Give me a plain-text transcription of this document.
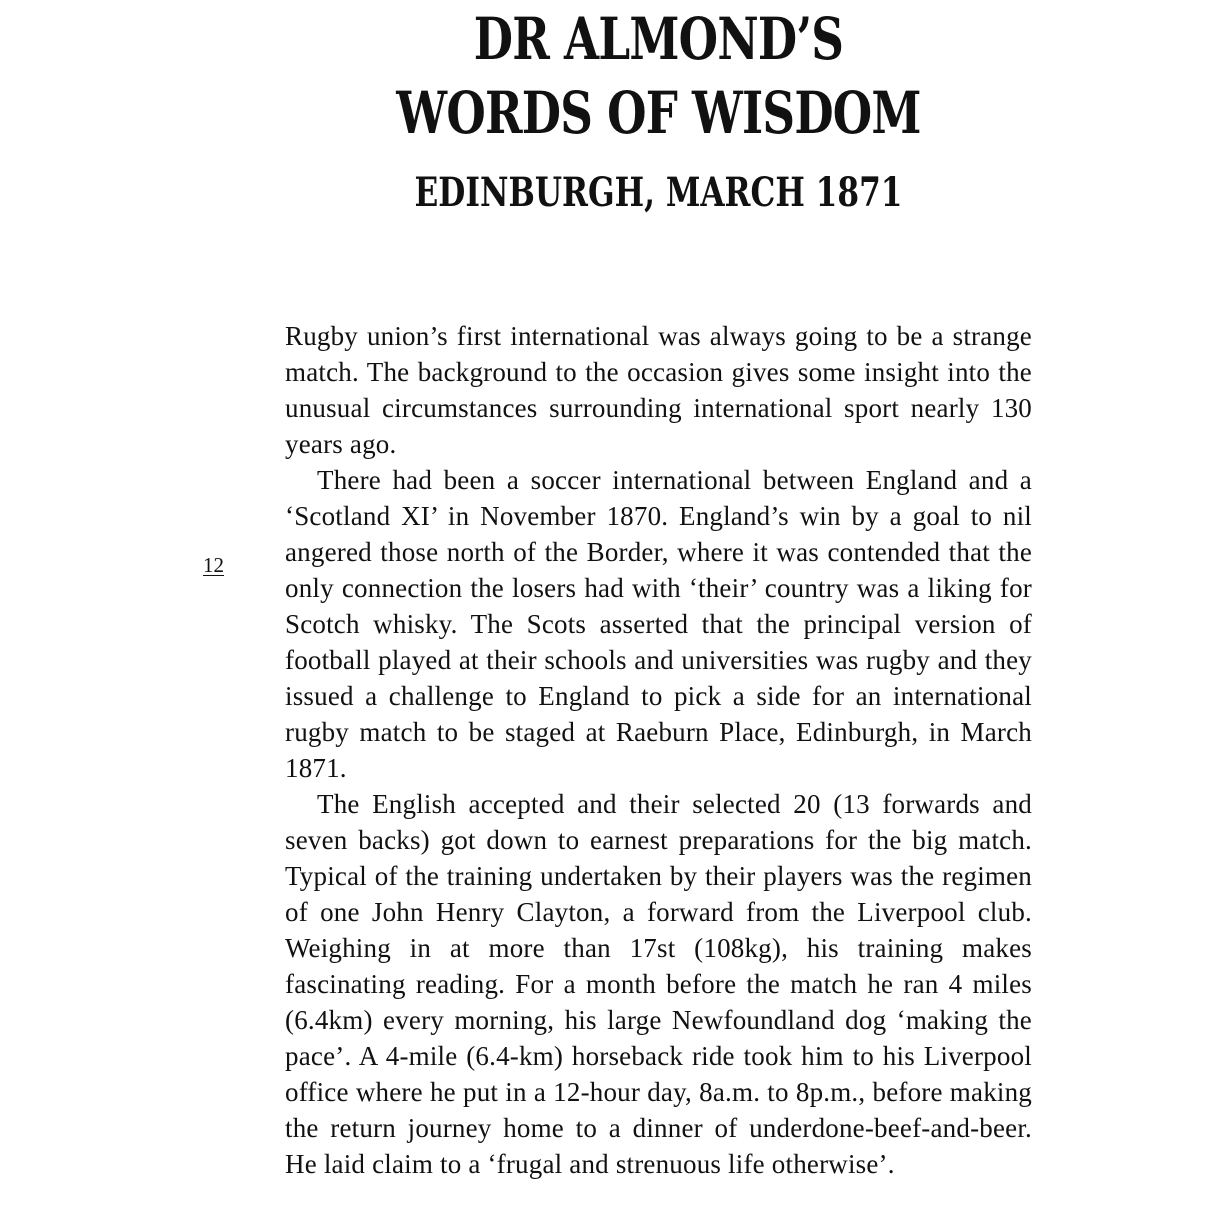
DR ALMOND’S
WORDS OF WISDOM
EDINBURGH, MARCH 1871
12

Rugby union’s first international was always going to be a strange match. The background to the occasion gives some insight into the unusual circumstances surrounding international sport nearly 130 years ago.

There had been a soccer international between England and a ‘Scotland XI’ in November 1870. England’s win by a goal to nil angered those north of the Border, where it was contended that the only connection the losers had with ‘their’ country was a liking for Scotch whisky. The Scots asserted that the principal version of football played at their schools and universities was rugby and they issued a challenge to England to pick a side for an international rugby match to be staged at Raeburn Place, Edinburgh, in March 1871.

The English accepted and their selected 20 (13 forwards and seven backs) got down to earnest preparations for the big match. Typical of the training undertaken by their players was the regimen of one John Henry Clayton, a forward from the Liverpool club. Weighing in at more than 17st (108kg), his training makes fascinating reading. For a month before the match he ran 4 miles (6.4km) every morning, his large Newfoundland dog ‘making the pace’. A 4-mile (6.4-km) horseback ride took him to his Liverpool office where he put in a 12-hour day, 8a.m. to 8p.m., before making the return journey home to a dinner of underdone-beef-and-beer. He laid claim to a ‘frugal and strenuous life otherwise’.
